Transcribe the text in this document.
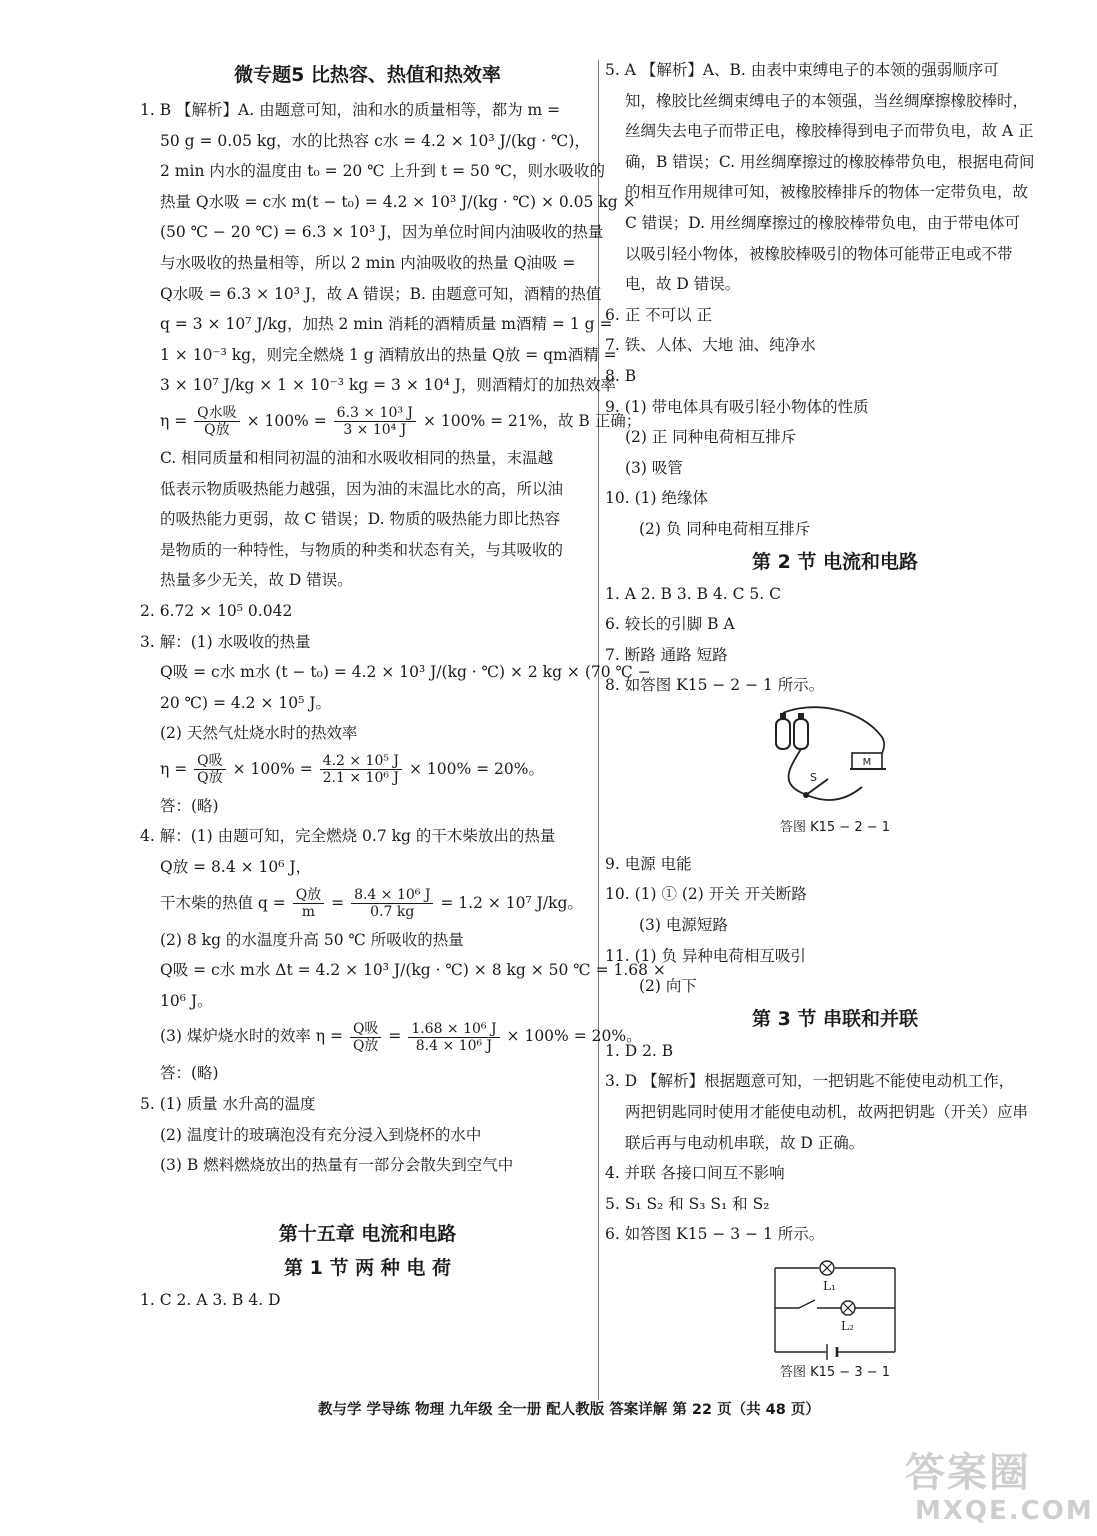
微专题5 比热容、热值和热效率
1. B 【解析】A. 由题意可知，油和水的质量相等，都为 m =
50 g = 0.05 kg，水的比热容 c水 = 4.2 × 10³ J/(kg · ℃)，
2 min 内水的温度由 t₀ = 20 ℃ 上升到 t = 50 ℃，则水吸收的
热量 Q水吸 = c水 m(t − t₀) = 4.2 × 10³ J/(kg · ℃) × 0.05 kg ×
(50 ℃ − 20 ℃) = 6.3 × 10³ J，因为单位时间内油吸收的热量
与水吸收的热量相等，所以 2 min 内油吸收的热量 Q油吸 =
Q水吸 = 6.3 × 10³ J，故 A 错误；B. 由题意可知，酒精的热值
q = 3 × 10⁷ J/kg，加热 2 min 消耗的酒精质量 m酒精 = 1 g =
1 × 10⁻³ kg，则完全燃烧 1 g 酒精放出的热量 Q放 = qm酒精 =
3 × 10⁷ J/kg × 1 × 10⁻³ kg = 3 × 10⁴ J，则酒精灯的加热效率
$\eta = \frac{\text{Q水吸}}{\text{Q放}} \times 100\% = \frac{\text{6.3 × 10³ J}}{\text{3 × 10⁴ J}} \times 100\% = 21\%$，故 B 正确；
C. 相同质量和相同初温的油和水吸收相同的热量，末温越
低表示物质吸热能力越强，因为油的末温比水的高，所以油
的吸热能力更弱，故 C 错误；D. 物质的吸热能力即比热容
是物质的一种特性，与物质的种类和状态有关，与其吸收的
热量多少无关，故 D 错误。
2. 6.72 × 10⁵ 0.042
3. 解：(1) 水吸收的热量
Q吸 = c水 m水 (t − t₀) = 4.2 × 10³ J/(kg · ℃) × 2 kg × (70 ℃ −
20 ℃) = 4.2 × 10⁵ J。
(2) 天然气灶烧水时的热效率
$\eta = \frac{\text{Q吸}}{\text{Q放}} \times 100\% = \frac{\text{4.2 × 10⁵ J}}{\text{2.1 × 10⁶ J}} \times 100\% = 20\%$。
答：(略)
4. 解：(1) 由题可知，完全燃烧 0.7 kg 的干木柴放出的热量
Q放 = 8.4 × 10⁶ J，
干木柴的热值 $q = \frac{\text{Q放}}{m} = \frac{\text{8.4 × 10⁶ J}}{0.7 kg} = 1.2 \times 10^7$ J/kg。
(2) 8 kg 的水温度升高 50 ℃ 所吸收的热量
Q吸 = c水 m水 Δt = 4.2 × 10³ J/(kg · ℃) × 8 kg × 50 ℃ = 1.68 ×
10⁶ J。
(3) 煤炉烧水时的效率 $\eta = \frac{\text{Q吸}}{\text{Q放}} = \frac{\text{1.68 × 10⁶ J}}{\text{8.4 × 10⁶ J}} \times 100\% = 20\%$。
答：(略)
5. (1) 质量 水升高的温度
(2) 温度计的玻璃泡没有充分浸入到烧杯的水中
(3) B 燃料燃烧放出的热量有一部分会散失到空气中
第十五章 电流和电路
第 1 节 两 种 电 荷
1. C 2. A 3. B 4. D
5. A 【解析】A、B. 由表中束缚电子的本领的强弱顺序可
知，橡胶比丝绸束缚电子的本领强，当丝绸摩擦橡胶棒时，
丝绸失去电子而带正电，橡胶棒得到电子而带负电，故 A 正
确，B 错误；C. 用丝绸摩擦过的橡胶棒带负电，根据电荷间
的相互作用规律可知，被橡胶棒排斥的物体一定带负电，故
C 错误；D. 用丝绸摩擦过的橡胶棒带负电，由于带电体可
以吸引轻小物体，被橡胶棒吸引的物体可能带正电或不带
电，故 D 错误。
6. 正 不可以 正
7. 铁、人体、大地 油、纯净水
8. B
9. (1) 带电体具有吸引轻小物体的性质
(2) 正 同种电荷相互排斥
(3) 吸管
10. (1) 绝缘体
(2) 负 同种电荷相互排斥
第 2 节 电流和电路
1. A 2. B 3. B 4. C 5. C
6. 较长的引脚 B A
7. 断路 通路 短路
8. 如答图 K15 − 2 − 1 所示。
M
S
答图 K15 − 2 − 1
9. 电源 电能
10. (1) ① (2) 开关 开关断路
(3) 电源短路
11. (1) 负 异种电荷相互吸引
(2) 向下
第 3 节 串联和并联
1. D 2. B
3. D 【解析】根据题意可知，一把钥匙不能使电动机工作，
两把钥匙同时使用才能使电动机，故两把钥匙（开关）应串
联后再与电动机串联，故 D 正确。
4. 并联 各接口间互不影响
5. S₁ S₂ 和 S₃ S₁ 和 S₂
6. 如答图 K15 − 3 − 1 所示。
L₁
L₂
答图 K15 − 3 − 1
教与学 学导练 物理 九年级 全一册 配人教版 答案详解 第 22 页（共 48 页）
答案圈
MXQE.COM
